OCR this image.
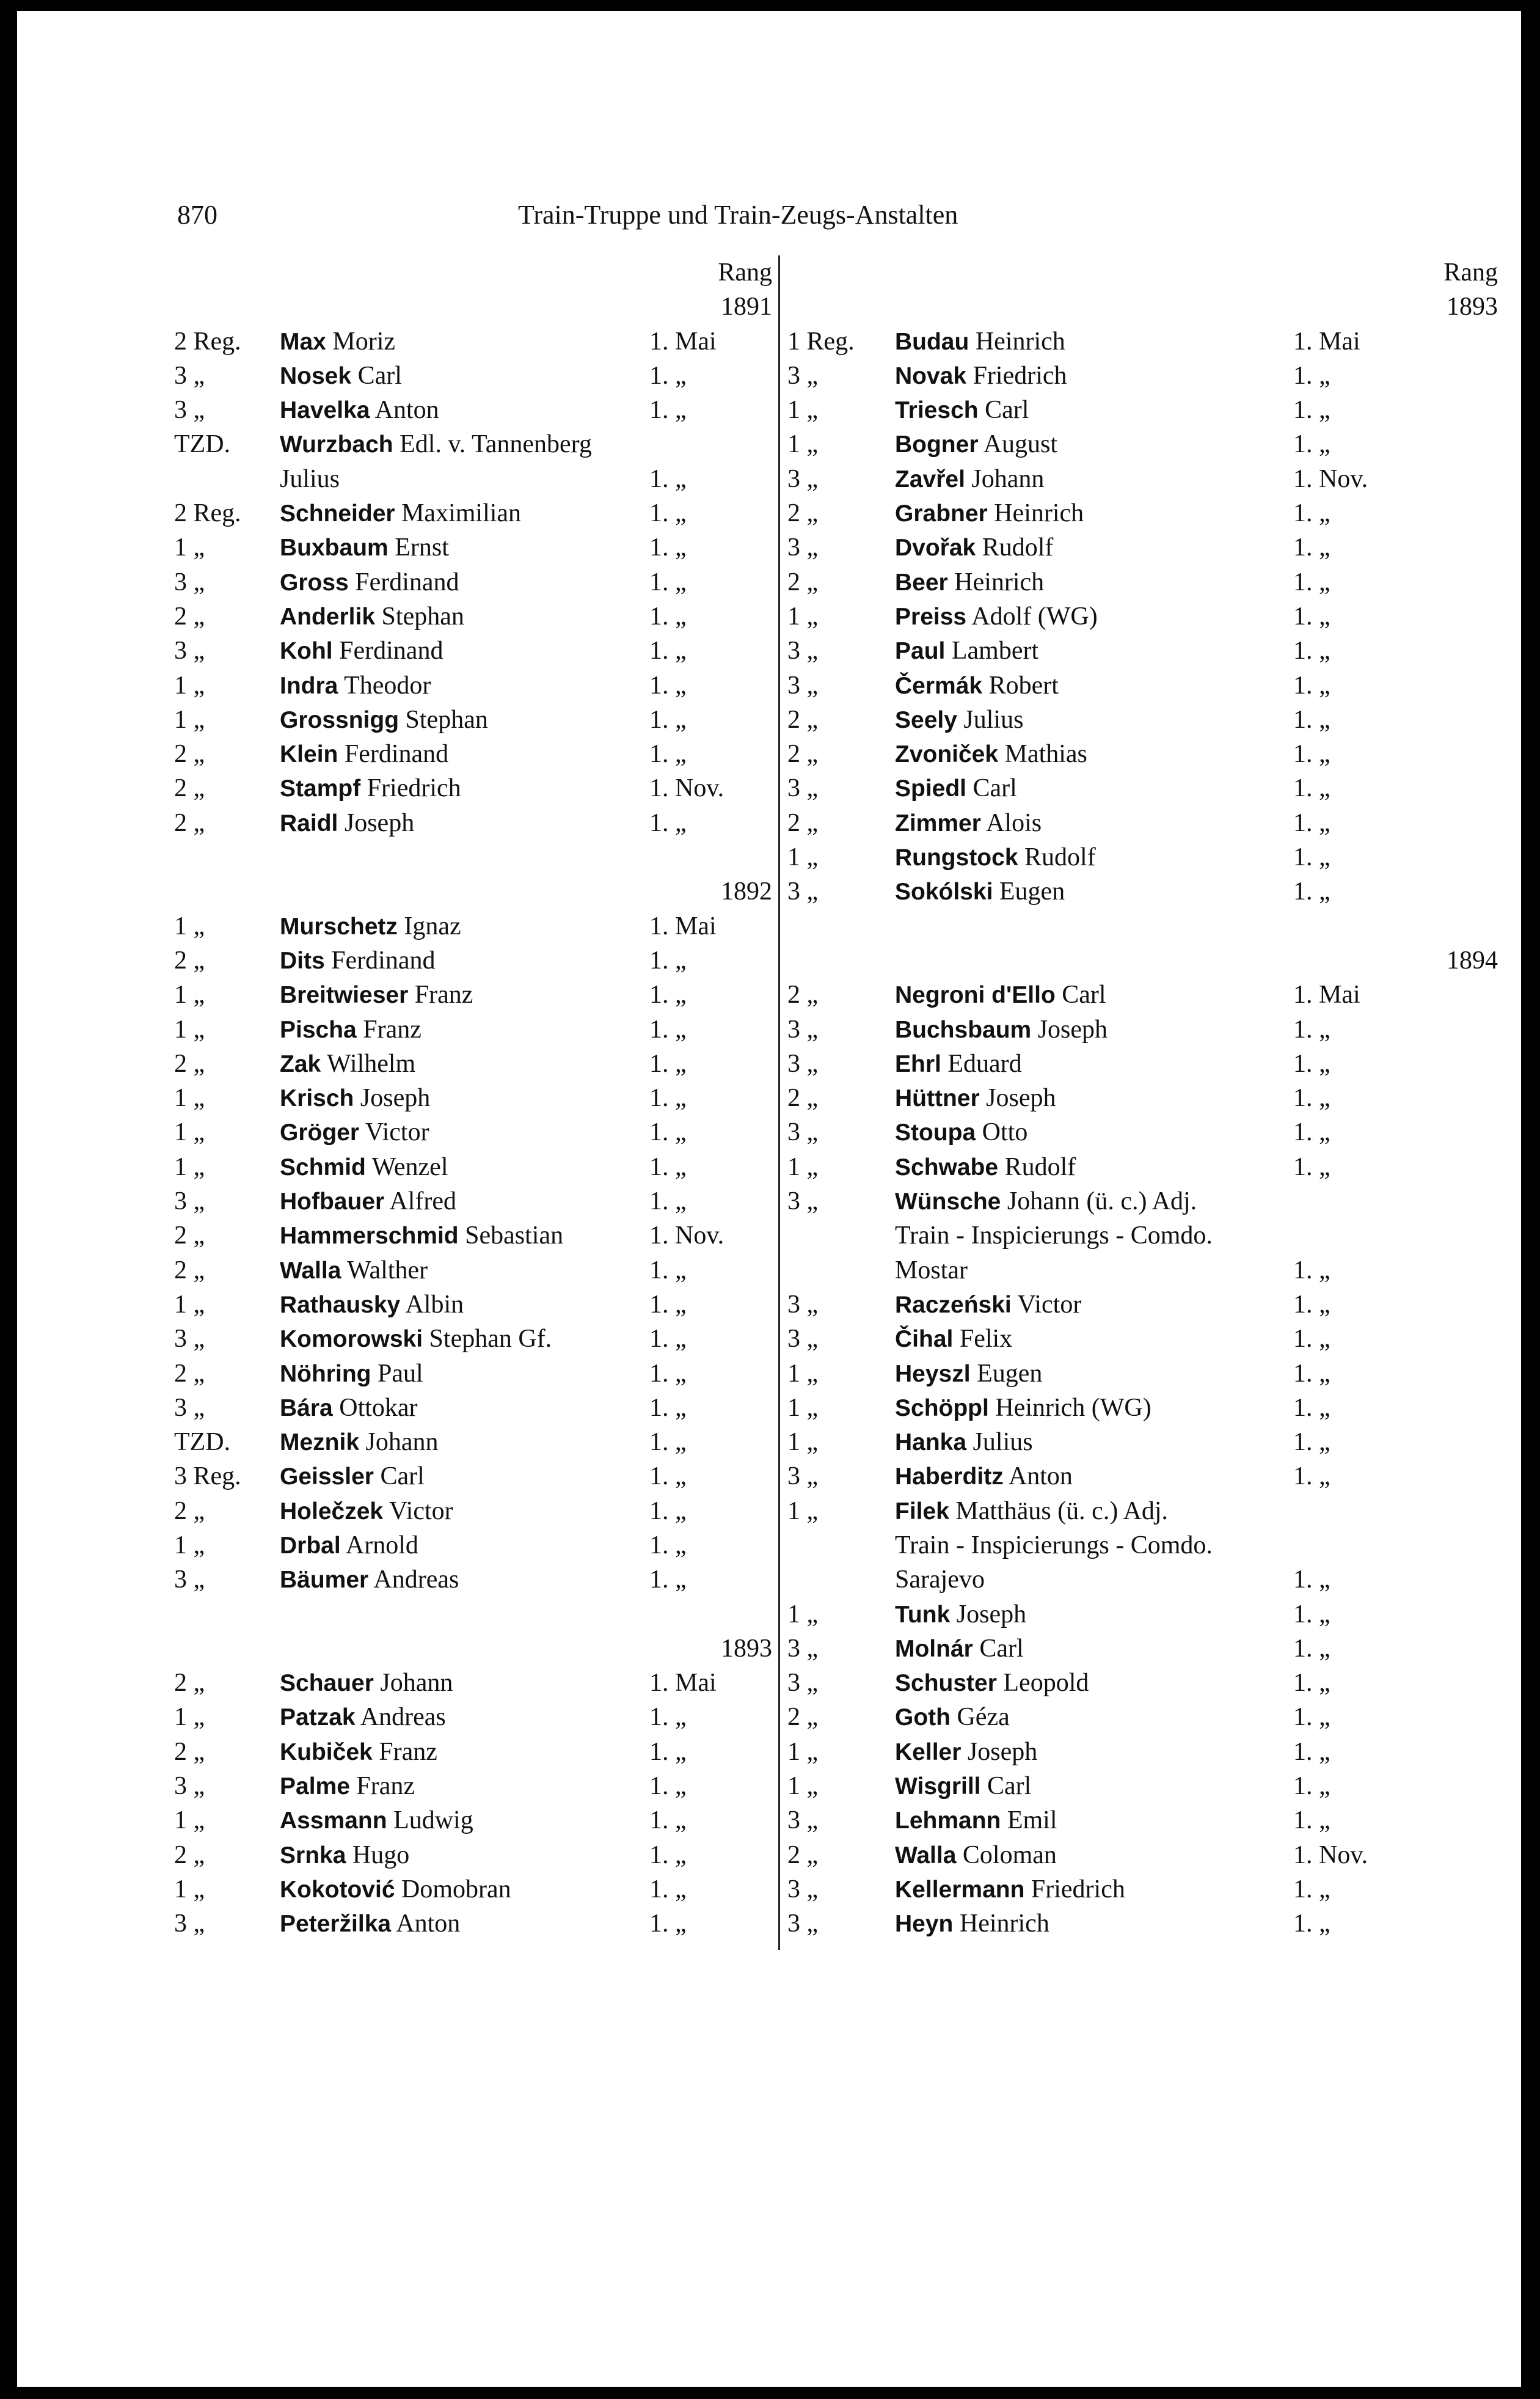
870	Train-Truppe und Train-Zeugs-Anstalten
Rang
1891
2 Reg. Max Moriz	1. Mai
3 „	Nosek Carl	1. „
3 „	Havelka Anton	1. „
TZD. Wurzbach Edl. v. Tannenberg
Julius	1. „
2 Reg. Schneider Maximilian	1. „
1 „	Buxbaum Ernst	1. „
3 „	Gross Ferdinand	1. „
2 „	Anderlik Stephan	1. „
3 „	Kohl Ferdinand	1. „
1 „	Indra Theodor	1. „
1 „	Grossnigg Stephan	1. „
2 „	Klein Ferdinand	1. „
2 „	Stampf Friedrich	1. Nov.
2 „	Raidl Joseph	1. „
1892
1 „	Murschetz Ignaz	1. Mai
2 „	Dits Ferdinand	1. „
1 „	Breitwieser Franz	1. „
1 „	Pischa Franz	1. „
2 „	Zak Wilhelm	1. „
1 „	Krisch Joseph	1. „
1 „	Gröger Victor	1. „
1 „	Schmid Wenzel	1. „
3 „	Hofbauer Alfred	1. „
2 „	Hammerschmid Sebastian	1. Nov.
2 „	Walla Walther	1. „
1 „	Rathausky Albin	1. „
3 „	Komorowski Stephan Gf.	1. „
2 „	Nöhring Paul	1. „
3 „	Bára Ottokar	1. „
TZD. Meznik Johann	1. „
3 Reg. Geissler Carl	1. „
2 „	Holečzek Victor	1. „
1 „	Drbal Arnold	1. „
3 „	Bäumer Andreas	1. „
1893
2 „	Schauer Johann	1. Mai
1 „	Patzak Andreas	1. „
2 „	Kubiček Franz	1. „
3 „	Palme Franz	1. „
1 „	Assmann Ludwig	1. „
2 „	Srnka Hugo	1. „
1 „	Kokotović Domobran	1. „
3 „	Peteržilka Anton	1. „
Rang
1893
1 Reg. Budau Heinrich	1. Mai
3 „	Novak Friedrich	1. „
1 „	Triesch Carl	1. „
1 „	Bogner August	1. „
3 „	Zavřel Johann	1. Nov.
2 „	Grabner Heinrich	1. „
3 „	Dvořak Rudolf	1. „
2 „	Beer Heinrich	1. „
1 „	Preiss Adolf (WG)	1. „
3 „	Paul Lambert	1. „
3 „	Čermák Robert	1. „
2 „	Seely Julius	1. „
2 „	Zvoniček Mathias	1. „
3 „	Spiedl Carl	1. „
2 „	Zimmer Alois	1. „
1 „	Rungstock Rudolf	1. „
3 „	Sokólski Eugen	1. „
1894
2 „	Negroni d'Ello Carl	1. Mai
3 „	Buchsbaum Joseph	1. „
3 „	Ehrl Eduard	1. „
2 „	Hüttner Joseph	1. „
3 „	Stoupa Otto	1. „
1 „	Schwabe Rudolf	1. „
3 „	Wünsche Johann (ü. c.) Adj.
Train - Inspicierungs - Comdo.
Mostar	1. „
3 „	Raczeński Victor	1. „
3 „	Čihal Felix	1. „
1 „	Heyszl Eugen	1. „
1 „	Schöppl Heinrich (WG)	1. „
1 „	Hanka Julius	1. „
3 „	Haberditz Anton	1. „
1 „	Filek Matthäus (ü. c.) Adj.
Train - Inspicierungs - Comdo.
Sarajevo	1. „
1 „	Tunk Joseph	1. „
3 „	Molnár Carl	1. „
3 „	Schuster Leopold	1. „
2 „	Goth Géza	1. „
1 „	Keller Joseph	1. „
1 „	Wisgrill Carl	1. „
3 „	Lehmann Emil	1. „
2 „	Walla Coloman	1. Nov.
3 „	Kellermann Friedrich	1. „
3 „	Heyn Heinrich	1. „
